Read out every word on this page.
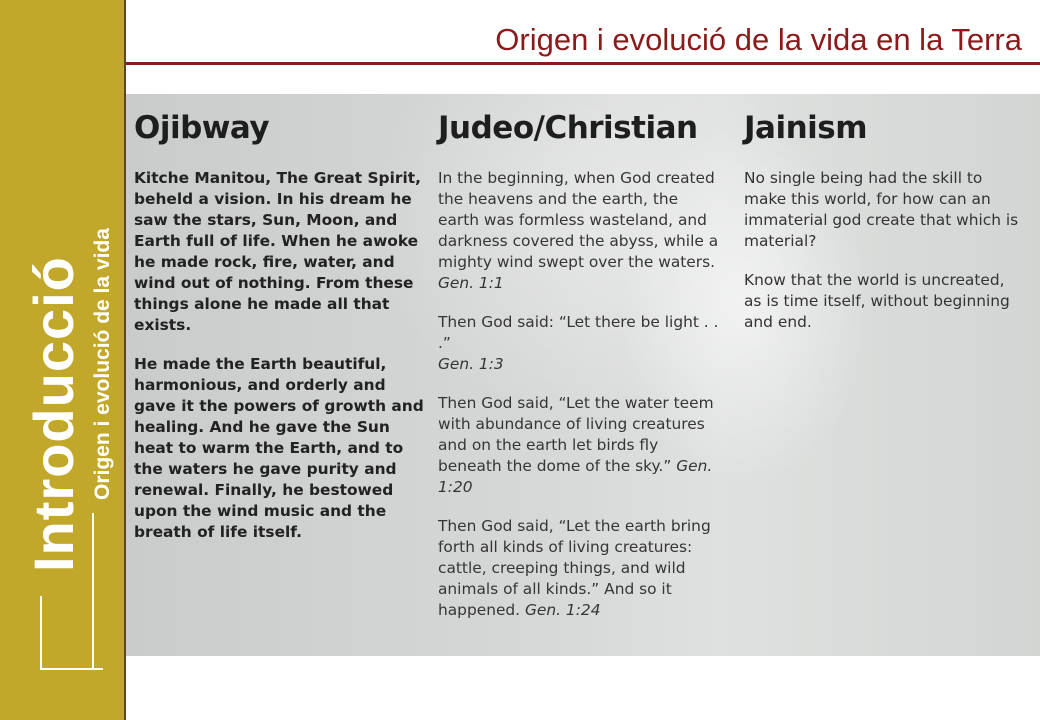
Introducció Origen i evolució de la vida
Origen i evolució de la vida en la Terra
Ojibway

Kitche Manitou, The Great Spirit, beheld a vision. In his dream he saw the stars, Sun, Moon, and Earth full of life. When he awoke he made rock, fire, water, and wind out of nothing. From these things alone he made all that exists.

He made the Earth beautiful, harmonious, and orderly and gave it the powers of growth and healing. And he gave the Sun heat to warm the Earth, and to the waters he gave purity and renewal. Finally, he bestowed upon the wind music and the breath of life itself.

Judeo/Christian

In the beginning, when God created the heavens and the earth, the earth was formless wasteland, and darkness covered the abyss, while a mighty wind swept over the waters.
Gen. 1:1

Then God said: “Let there be light . . .”
Gen. 1:3

Then God said, “Let the water teem with abundance of living creatures and on the earth let birds fly beneath the dome of the sky.” Gen. 1:20

Then God said, “Let the earth bring forth all kinds of living creatures: cattle, creeping things, and wild animals of all kinds.” And so it happened. Gen. 1:24

Jainism

No single being had the skill to make this world, for how can an immaterial god create that which is material?

Know that the world is uncreated, as is time itself, without beginning and end.
